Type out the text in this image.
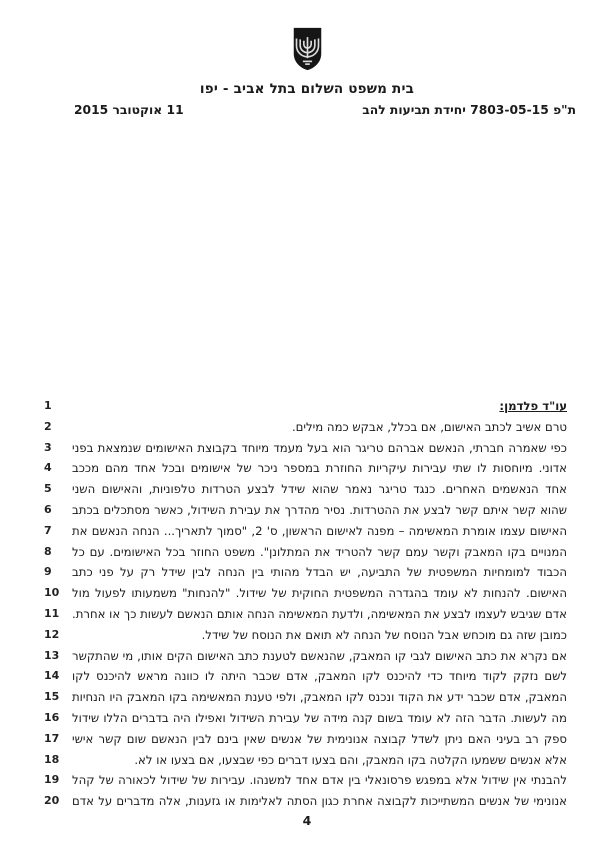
בית משפט השלום בתל אביב - יפו
ת"פ 7803-05-15 יחידת תביעות להב
11 אוקטובר 2015
1	עו"ד פלדמן:
2	טרם אשיב לכתב האישום, אם בכלל, אבקש כמה מילים.
3 כפי שאמרה חברתי, הנאשם אברהם טריגר הוא בעל מעמד מיוחד בקבוצת האישומים שנמצאת בפני
4 אדוני. מיוחסות לו שתי עבירות עיקריות החוזרת במספר ניכר של אישומים ובכל אחד מהם מככב
5 אחד הנאשמים האחרים. כנגד טריגר נאמר שהוא שידל לבצע הטרדות טלפוניות, והאישום השני
6 שהוא קשר איתם קשר לבצע את ההטרדות. נסיר מהדרך את עבירת השידול, כאשר מסתכלים בכתב
7 האישום עצמו אומרת המאשימה – מפנה לאישום הראשון, ס' 2, "סמוך לתאריך... הנחה הנאשם את
8 המנויים בקו המאבק וקשר עמם קשר להטריד את המתלונן". משפט החוזר בכל האישומים. עם כל
9 הכבוד למומחיות המשפטית של התביעה, יש הבדל מהותי בין הנחה לבין שידל רק על פני כתב
10 האישום. להנחות לא עומד בהגדרה המשפטית החוקית של שידול. "להנחות" משמעותו לפעול מול
11 אדם שגיבש לעצמו לבצע את המאשימה, ולדעת המאשימה הנחה אותם הנאשם לעשות כך או אחרת.
12	כמובן שזה גם מוכחש אבל הנוסח של הנחה לא תואם את הנוסח של שידל.
13 אם נקרא את כתב האישום לגבי קו המאבק, שהנאשם לטענת כתב האישום הקים אותו, מי שהתקשר
14 לשם נזקק לקוד מיוחד כדי להיכנס לקו המאבק, אדם שכבר היתה לו כוונה מראש להיכנס לקו
15 המאבק, אדם שכבר ידע את הקוד ונכנס לקו המאבק, ולפי טענת המאשימה בקו המאבק היו הנחיות
16 מה לעשות. הדבר הזה לא עומד בשום קנה מידה של עבירת השידול ואפילו היה בדברים הללו שידול
17 ספק רב בעיני האם ניתן לשדל קבוצה אנונימית של אנשים שאין בינם לבין הנאשם שום קשר אישי
18	אלא אנשים ששמעו הקלטה בקו המאבק, והם בצעו דברים כפי שבצעו, אם בצעו או לא.
19 להבנתי אין שידול אלא במפגש פרסונאלי בין אדם אחד למשנהו. עבירות של שידול לכאורה של קהל
20 אנונימי של אנשים המשתייכות לקבוצה אחרת כגון הסתה לאלימות או גזענות, אלה מדברים על אדם
4
